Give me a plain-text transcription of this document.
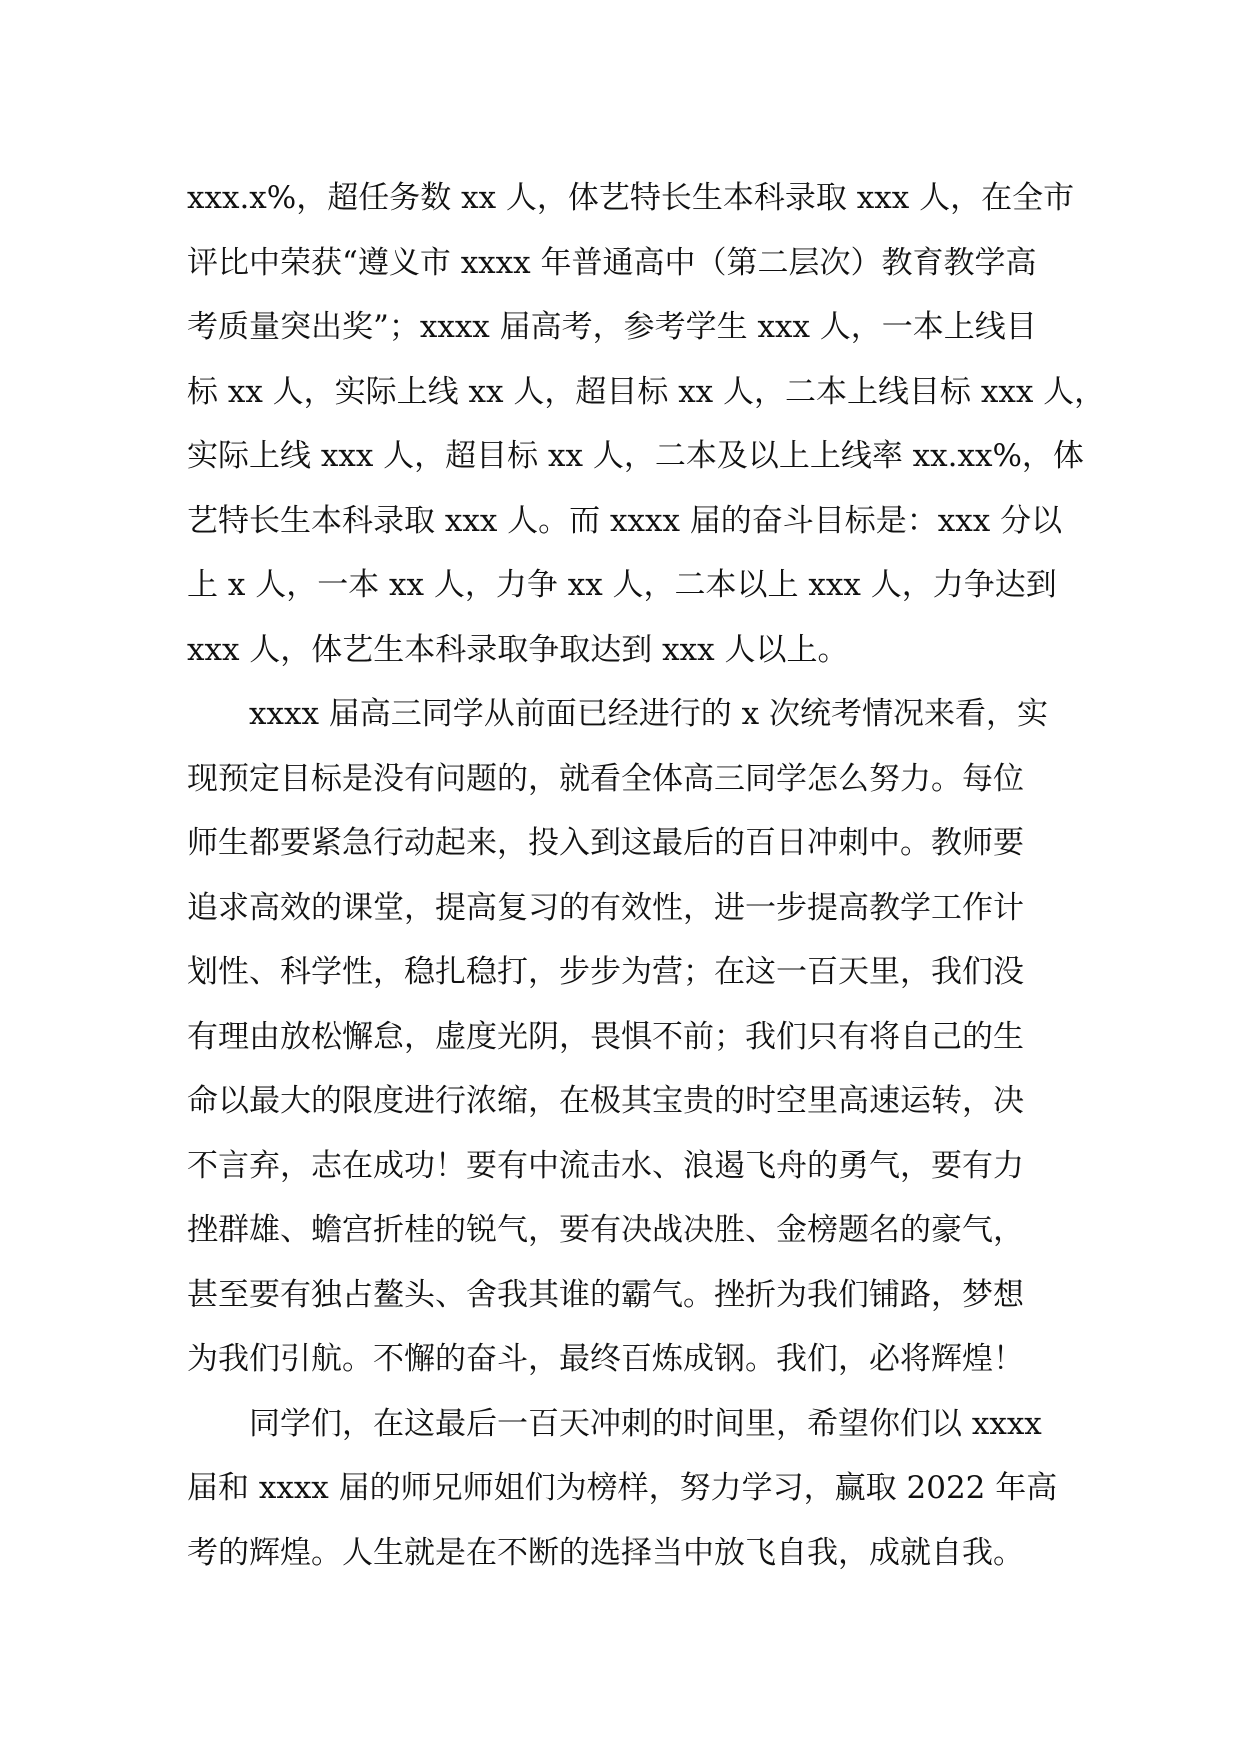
xxx.x%，超任务数 xx 人，体艺特长生本科录取 xxx 人，在全市
评比中荣获“遵义市 xxxx 年普通高中（第二层次）教育教学高
考质量突出奖”；xxxx 届高考，参考学生 xxx 人，一本上线目
标 xx 人，实际上线 xx 人，超目标 xx 人，二本上线目标 xxx 人，
实际上线 xxx 人，超目标 xx 人，二本及以上上线率 xx.xx%，体
艺特长生本科录取 xxx 人。而 xxxx 届的奋斗目标是：xxx 分以
上 x 人，一本 xx 人，力争 xx 人，二本以上 xxx 人，力争达到
xxx 人，体艺生本科录取争取达到 xxx 人以上。
　　xxxx 届高三同学从前面已经进行的 x 次统考情况来看，实
现预定目标是没有问题的，就看全体高三同学怎么努力。每位
师生都要紧急行动起来，投入到这最后的百日冲刺中。教师要
追求高效的课堂，提高复习的有效性，进一步提高教学工作计
划性、科学性，稳扎稳打，步步为营；在这一百天里，我们没
有理由放松懈怠，虚度光阴，畏惧不前；我们只有将自己的生
命以最大的限度进行浓缩，在极其宝贵的时空里高速运转，决
不言弃，志在成功！要有中流击水、浪遏飞舟的勇气，要有力
挫群雄、蟾宫折桂的锐气，要有决战决胜、金榜题名的豪气，
甚至要有独占鳌头、舍我其谁的霸气。挫折为我们铺路，梦想
为我们引航。不懈的奋斗，最终百炼成钢。我们，必将辉煌！
　　同学们，在这最后一百天冲刺的时间里，希望你们以 xxxx
届和 xxxx 届的师兄师姐们为榜样，努力学习，赢取 2022 年高
考的辉煌。人生就是在不断的选择当中放飞自我，成就自我。
